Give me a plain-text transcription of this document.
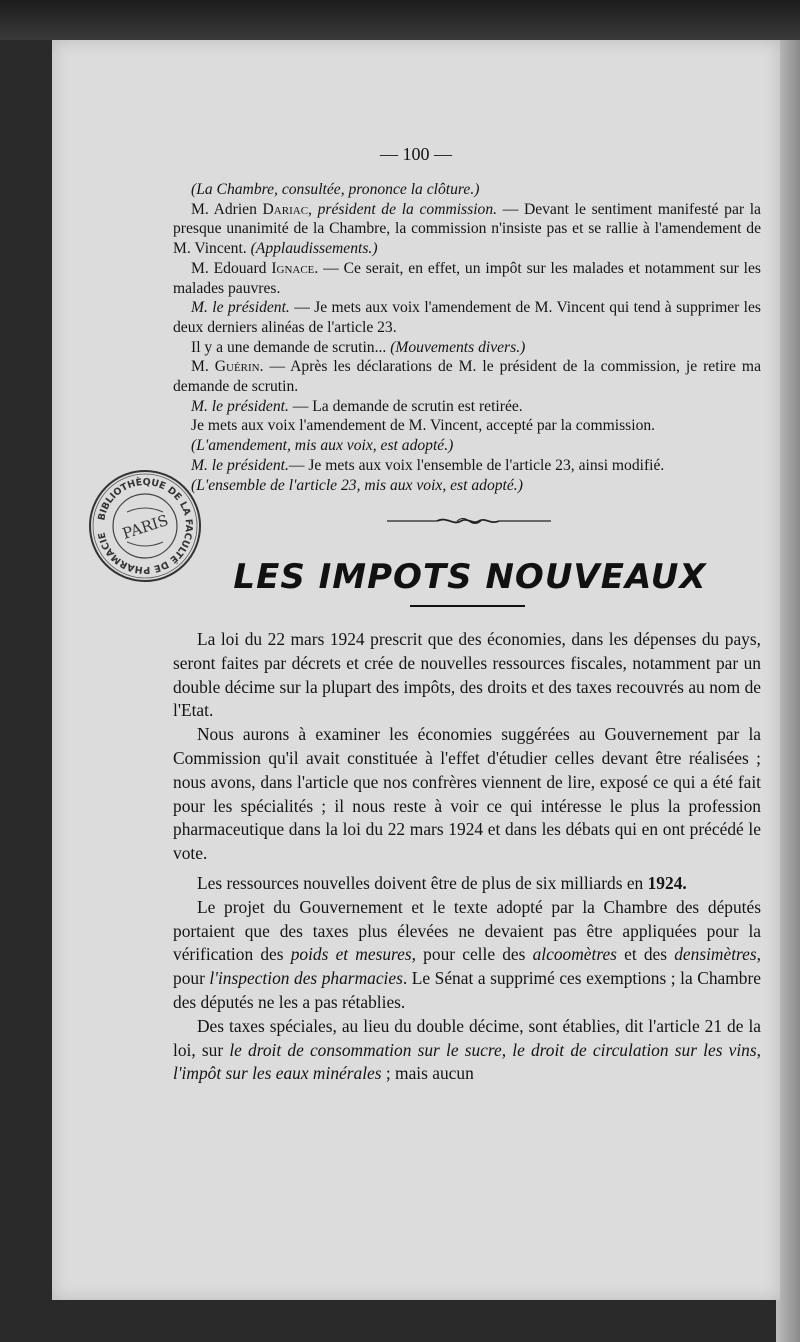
— 100 —

(La Chambre, consultée, prononce la clôture.)

M. Adrien Dariac, président de la commission. — Devant le sentiment manifesté par la presque unanimité de la Chambre, la commission n'insiste pas et se rallie à l'amendement de M. Vincent. (Applaudissements.)

M. Edouard Ignace. — Ce serait, en effet, un impôt sur les malades et notamment sur les malades pauvres.

M. le président. — Je mets aux voix l'amendement de M. Vincent qui tend à supprimer les deux derniers alinéas de l'article 23.

Il y a une demande de scrutin... (Mouvements divers.)

M. Guérin. — Après les déclarations de M. le président de la commission, je retire ma demande de scrutin.

M. le président. — La demande de scrutin est retirée.

Je mets aux voix l'amendement de M. Vincent, accepté par la commission.

(L'amendement, mis aux voix, est adopté.)

M. le président.— Je mets aux voix l'ensemble de l'article 23, ainsi modifié.

(L'ensemble de l'article 23, mis aux voix, est adopté.)

BIBLIOTHÈQUE DE LA FACULTÉ DE PHARMACIE PARIS
LES IMPOTS NOUVEAUX

La loi du 22 mars 1924 prescrit que des économies, dans les dépenses du pays, seront faites par décrets et crée de nouvelles ressources fiscales, notamment par un double décime sur la plupart des impôts, des droits et des taxes recouvrés au nom de l'Etat.

Nous aurons à examiner les économies suggérées au Gouvernement par la Commission qu'il avait constituée à l'effet d'étudier celles devant être réalisées ; nous avons, dans l'article que nos confrères viennent de lire, exposé ce qui a été fait pour les spécialités ; il nous reste à voir ce qui intéresse le plus la profession pharmaceutique dans la loi du 22 mars 1924 et dans les débats qui en ont précédé le vote.

Les ressources nouvelles doivent être de plus de six milliards en 1924.

Le projet du Gouvernement et le texte adopté par la Chambre des députés portaient que des taxes plus élevées ne devaient pas être appliquées pour la vérification des poids et mesures, pour celle des alcoomètres et des densimètres, pour l'inspection des pharmacies. Le Sénat a supprimé ces exemptions ; la Chambre des députés ne les a pas rétablies.

Des taxes spéciales, au lieu du double décime, sont établies, dit l'article 21 de la loi, sur le droit de consommation sur le sucre, le droit de circulation sur les vins, l'impôt sur les eaux minérales ; mais aucun
